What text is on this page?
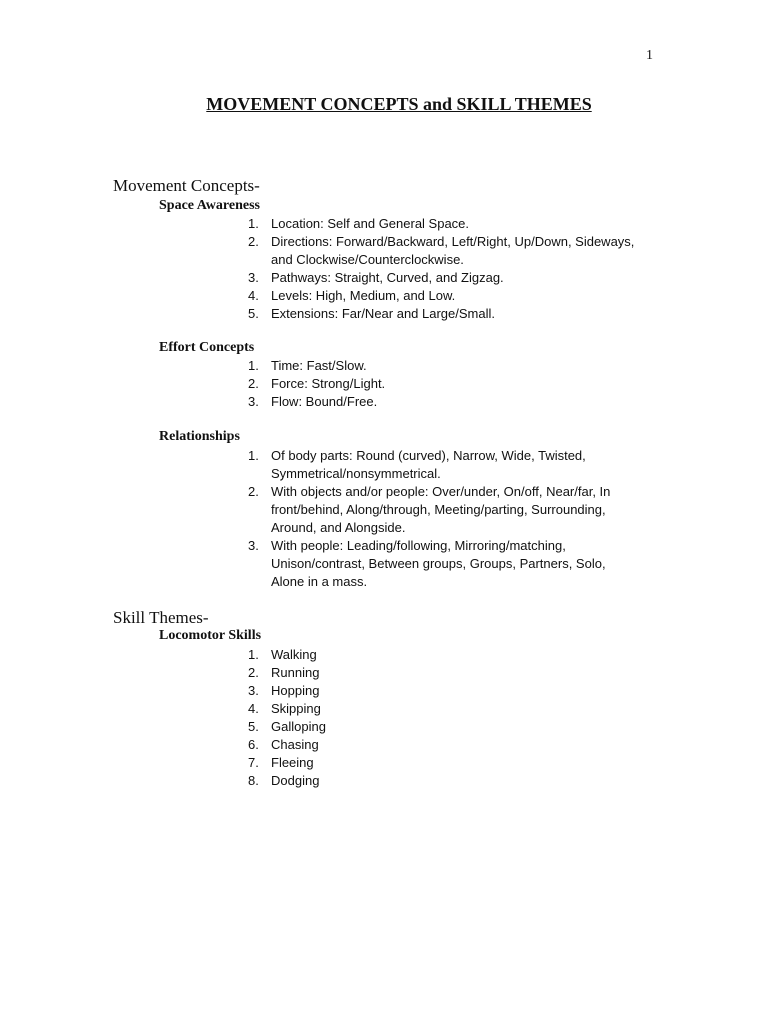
1
MOVEMENT CONCEPTS and SKILL THEMES
Movement Concepts-
Space Awareness
1. Location: Self and General Space.
2. Directions: Forward/Backward, Left/Right, Up/Down, Sideways, and Clockwise/Counterclockwise.
3. Pathways: Straight, Curved, and Zigzag.
4. Levels: High, Medium, and Low.
5. Extensions: Far/Near and Large/Small.
Effort Concepts
1. Time: Fast/Slow.
2. Force: Strong/Light.
3. Flow: Bound/Free.
Relationships
1. Of body parts: Round (curved), Narrow, Wide, Twisted, Symmetrical/nonsymmetrical.
2. With objects and/or people: Over/under, On/off, Near/far, In front/behind, Along/through, Meeting/parting, Surrounding, Around, and Alongside.
3. With people: Leading/following, Mirroring/matching, Unison/contrast, Between groups, Groups, Partners, Solo, Alone in a mass.
Skill Themes-
Locomotor Skills
1. Walking
2. Running
3. Hopping
4. Skipping
5. Galloping
6. Chasing
7. Fleeing
8. Dodging
